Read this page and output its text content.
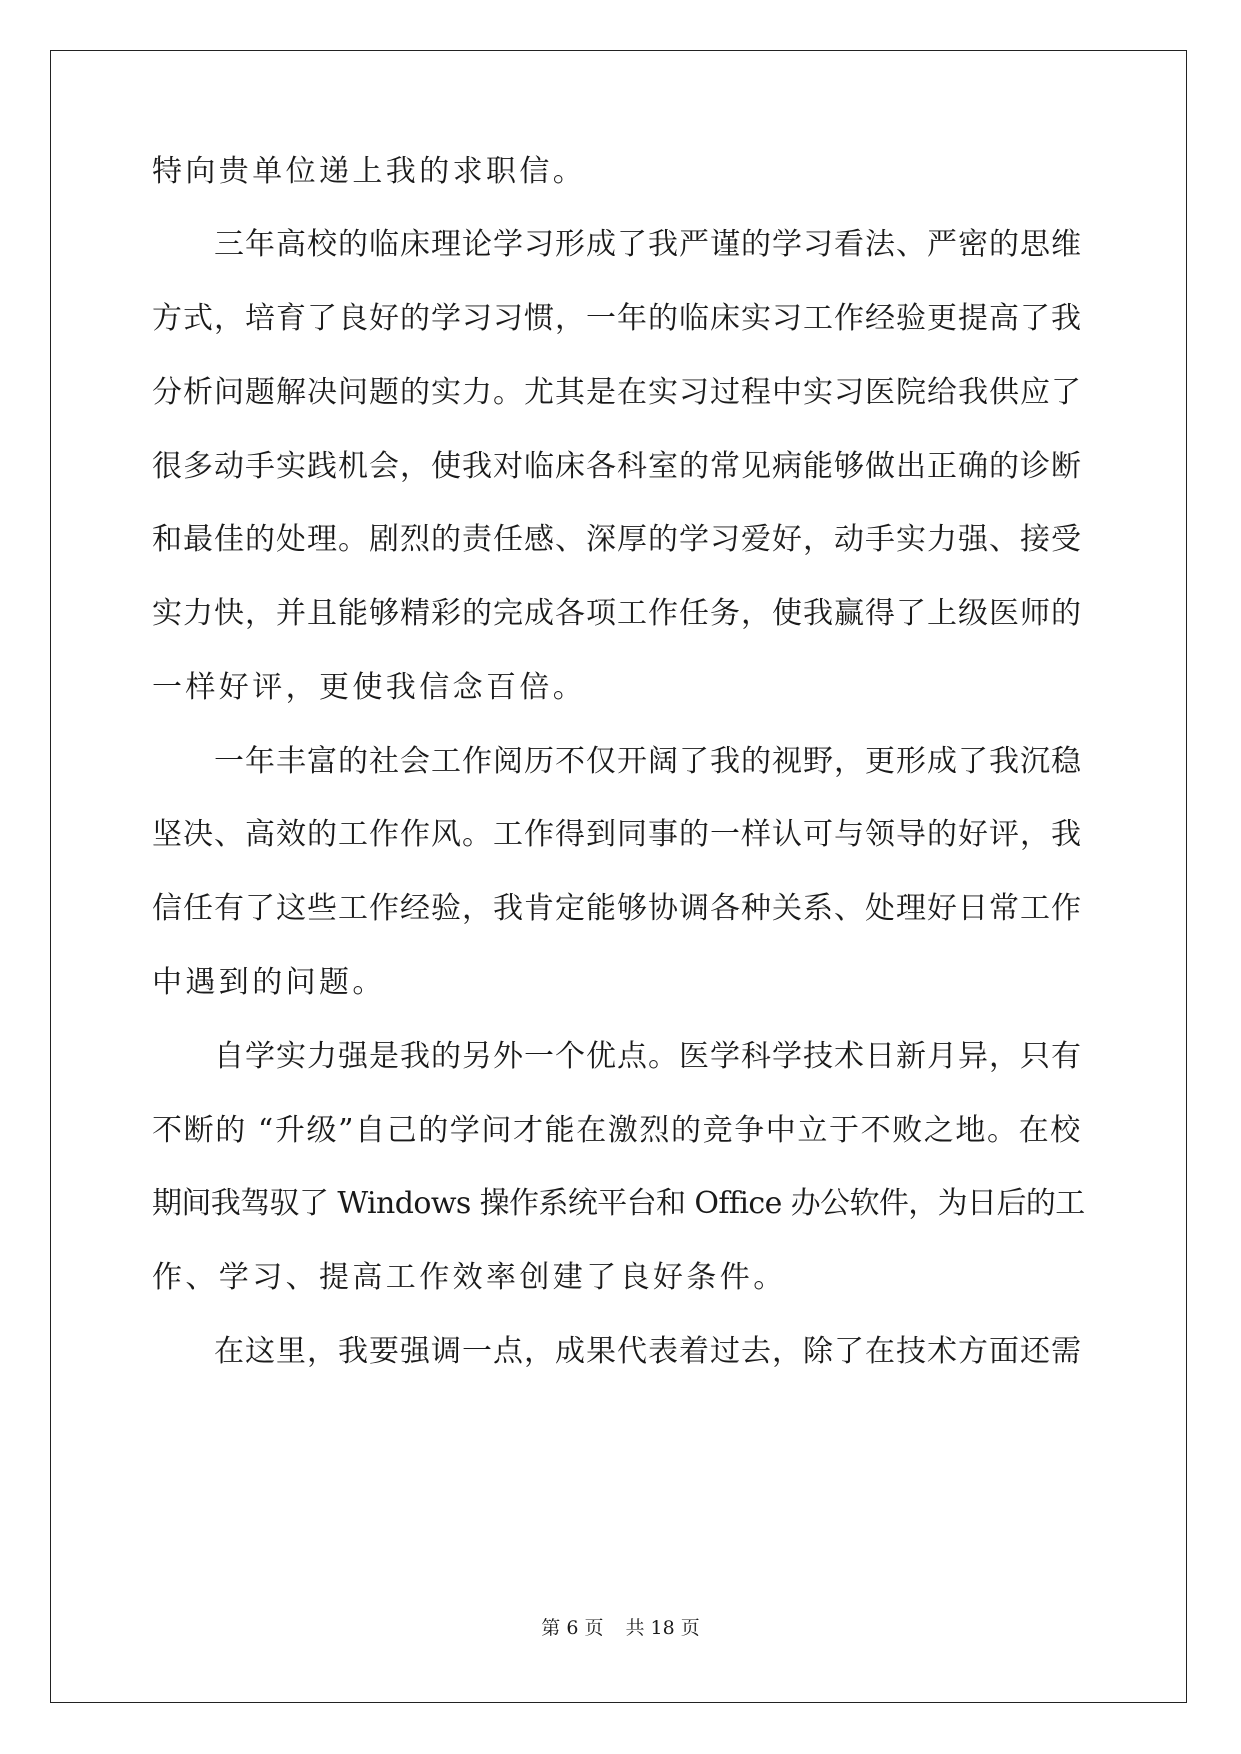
特向贵单位递上我的求职信。
　　三年高校的临床理论学习形成了我严谨的学习看法、严密的思维
方式，培育了良好的学习习惯，一年的临床实习工作经验更提高了我
分析问题解决问题的实力。尤其是在实习过程中实习医院给我供应了
很多动手实践机会，使我对临床各科室的常见病能够做出正确的诊断
和最佳的处理。剧烈的责任感、深厚的学习爱好，动手实力强、接受
实力快，并且能够精彩的完成各项工作任务，使我赢得了上级医师的
一样好评，更使我信念百倍。
　　一年丰富的社会工作阅历不仅开阔了我的视野，更形成了我沉稳
坚决、高效的工作作风。工作得到同事的一样认可与领导的好评，我
信任有了这些工作经验，我肯定能够协调各种关系、处理好日常工作
中遇到的问题。
　　自学实力强是我的另外一个优点。医学科学技术日新月异，只有
不断的 “升级”自己的学问才能在激烈的竞争中立于不败之地。在校
期间我驾驭了 Windows 操作系统平台和 Office 办公软件，为日后的工
作、学习、提高工作效率创建了良好条件。
　　在这里，我要强调一点，成果代表着过去，除了在技术方面还需
第 6 页 共 18 页
